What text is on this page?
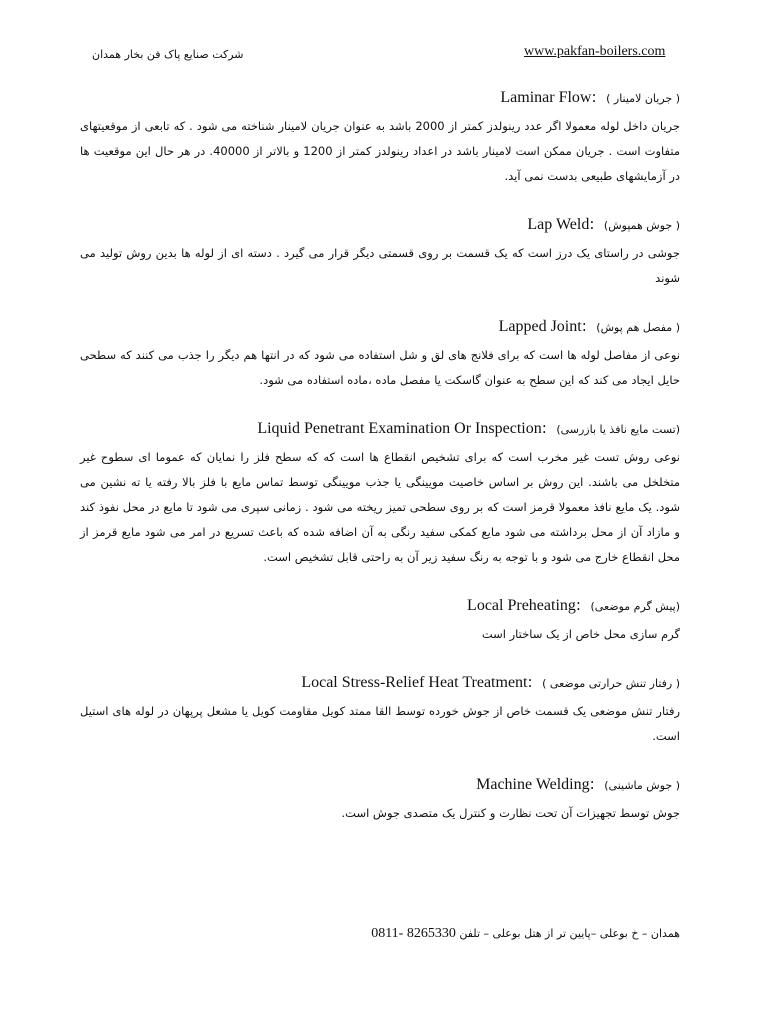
شرکت صنایع پاک فن بخار همدان	www.pakfan-boilers.com
( جریان لامینار ) : Laminar Flow
جریان داخل لوله معمولا اگر عدد رینولدز کمتر از 2000 باشد به عنوان جریان لامینار شناخته می شود . که تابعی از موقعیتهای متفاوت است . جریان ممکن است لامینار باشد در اعداد رینولدز کمتر از 1200 و بالاتر از 40000. در هر حال این موقعیت ها در آزمایشهای طبیعی بدست نمی آید.
( جوش همپوش) : Lap Weld
جوشی در راستای یک درز است که یک قسمت بر روی قسمتی دیگر قرار می گیرد . دسته ای از لوله ها بدین روش تولید می شوند
( مفصل هم پوش) : Lapped Joint
نوعی از مفاصل لوله ها است که برای فلانج های لق و شل استفاده می شود که در انتها هم دیگر را جذب می کنند که سطحی حایل ایجاد می کند که این سطح به عنوان گاسکت یا مفصل ماده ،ماده استفاده می شود.
(تست مایع نافذ یا بازرسی) : Liquid Penetrant Examination Or Inspection
نوعی روش تست غیر مخرب است که برای تشخیص انقطاع ها است که که سطح فلز را نمایان که عموما ای سطوح غیر متخلخل می باشند. این روش بر اساس خاصیت مویینگی یا جذب مویینگی توسط تماس مایع با فلز بالا رفته یا ته نشین می شود. یک مایع نافذ معمولا قرمز است که بر روی سطحی تمیز ریخته می شود . زمانی سپری می شود تا مایع در محل نفوذ کند و مازاد آن از محل برداشته می شود مایع کمکی سفید رنگی به آن اضافه شده که باعث تسریع در امر می شود مایع قرمز از محل انقطاع خارج می شود و با توجه به رنگ سفید زیر آن به راحتی قابل تشخیص است.
(پیش گرم موضعی) : Local Preheating
گرم سازی محل خاص از یک ساختار است
( رفتار تنش حرارتی موضعی ) : Local Stress-Relief Heat Treatment
رفتار تنش موضعی یک قسمت خاص از جوش خورده توسط القا ممتد کویل مقاومت کویل یا مشعل پرپهان در لوله های استیل است.
( جوش ماشینی) : Machine Welding
جوش توسط تجهیزات آن تحت نظارت و کنترل یک متصدی جوش است.
همدان – خ بوعلی –پایین تر از هتل بوعلی – تلفن 0811- 8265330
